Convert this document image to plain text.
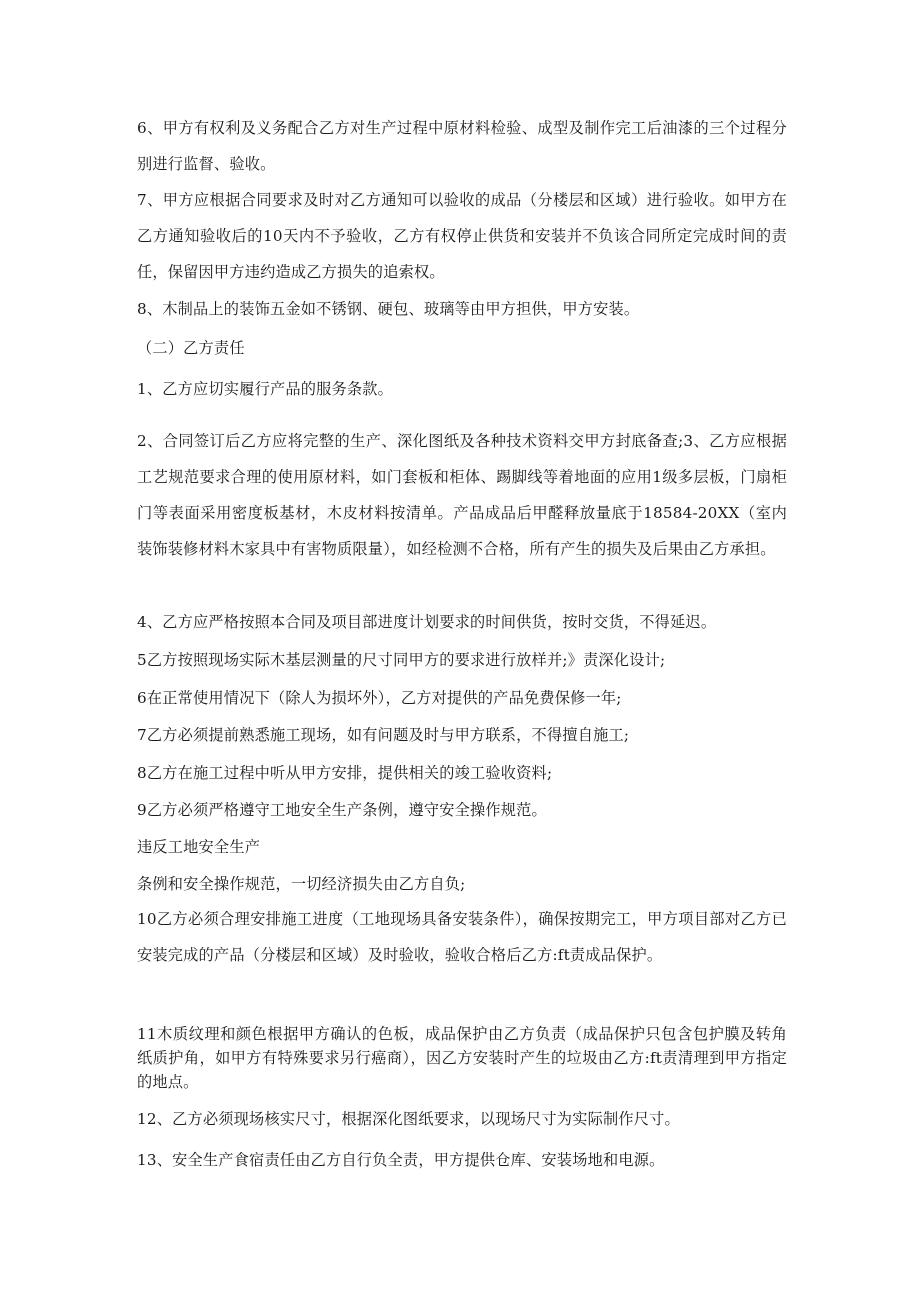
6、甲方有权利及义务配合乙方对生产过程中原材料检验、成型及制作完工后油漆的三个过程分别进行监督、验收。

7、甲方应根据合同要求及时对乙方通知可以验收的成品（分楼层和区域）进行验收。如甲方在乙方通知验收后的10天内不予验收，乙方有权停止供货和安装并不负该合同所定完成时间的责任，保留因甲方违约造成乙方损失的追索权。

8、木制品上的装饰五金如不锈钢、硬包、玻璃等由甲方担供，甲方安装。

（二）乙方责任

1、乙方应切实履行产品的服务条款。

2、合同签订后乙方应将完整的生产、深化图纸及各种技术资料交甲方封底备查;3、乙方应根据工艺规范要求合理的使用原材料，如门套板和柜体、踢脚线等着地面的应用1级多层板，门扇柜门等表面采用密度板基材，木皮材料按清单。产品成品后甲醛释放量底于18584-20XX（室内装饰装修材料木家具中有害物质限量），如经检测不合格，所有产生的损失及后果由乙方承担。

4、乙方应严格按照本合同及项目部进度计划要求的时间供货，按时交货，不得延迟。

5乙方按照现场实际木基层测量的尺寸同甲方的要求进行放样并;》责深化设计;

6在正常使用情况下（除人为损坏外），乙方对提供的产品免费保修一年;

7乙方必须提前熟悉施工现场，如有问题及时与甲方联系，不得擅自施工;

8乙方在施工过程中听从甲方安排，提供相关的竣工验收资料;

9乙方必须严格遵守工地安全生产条例，遵守安全操作规范。

违反工地安全生产

条例和安全操作规范，一切经济损失由乙方自负;

10乙方必须合理安排施工进度（工地现场具备安装条件），确保按期完工，甲方项目部对乙方已安装完成的产品（分楼层和区域）及时验收，验收合格后乙方:ft责成品保护。

11木质纹理和颜色根据甲方确认的色板，成品保护由乙方负责（成品保护只包含包护膜及转角纸质护角，如甲方有特殊要求另行癌商），因乙方安装时产生的垃圾由乙方:ft责清理到甲方指定的地点。

12、乙方必须现场核实尺寸，根据深化图纸要求，以现场尺寸为实际制作尺寸。

13、安全生产食宿责任由乙方自行负全责，甲方提供仓库、安装场地和电源。
